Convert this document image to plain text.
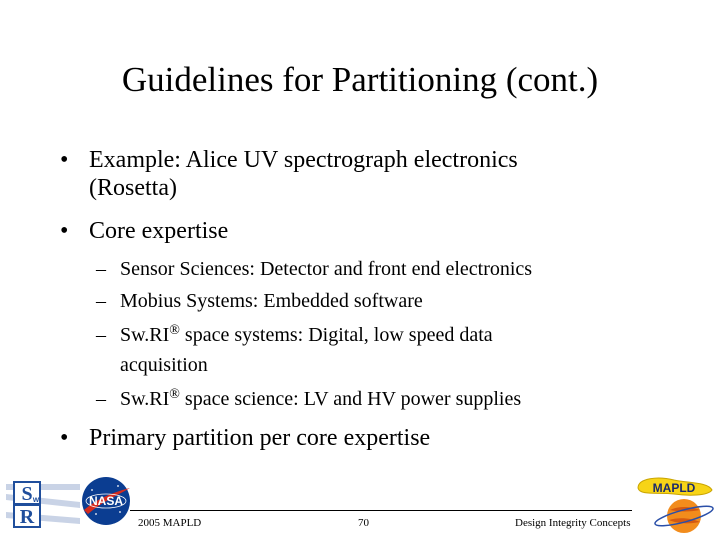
Guidelines for Partitioning (cont.)
• Example: Alice UV spectrograph electronics
(Rosetta)
• Core expertise
– Sensor Sciences: Detector and front end electronics
– Mobius Systems: Embedded software
– Sw.RI® space systems: Digital, low speed data
acquisition
– Sw.RI® space science: LV and HV power supplies
• Primary partition per core expertise
S w
R
NASA
MAPLD
2005 MAPLD	70	Design Integrity Concepts
